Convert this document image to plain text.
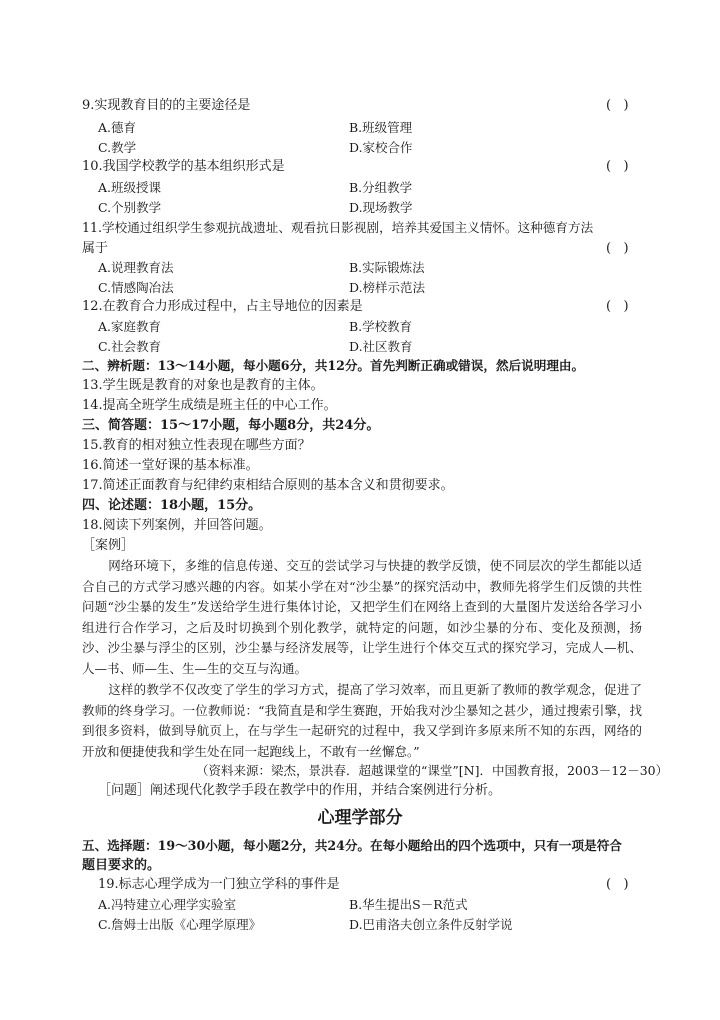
9.实现教育目的的主要途径是	(   )
A.德育	B.班级管理
C.教学	D.家校合作
10.我国学校教学的基本组织形式是	(   )
A.班级授课	B.分组教学
C.个别教学	D.现场教学
11.学校通过组织学生参观抗战遗址、观看抗日影视剧，培养其爱国主义情怀。这种德育方法
属于	(   )
A.说理教育法	B.实际锻炼法
C.情感陶冶法	D.榜样示范法
12.在教育合力形成过程中，占主导地位的因素是	(   )
A.家庭教育	B.学校教育
C.社会教育	D.社区教育
二、辨析题：13～14小题，每小题6分，共12分。首先判断正确或错误，然后说明理由。
13.学生既是教育的对象也是教育的主体。
14.提高全班学生成绩是班主任的中心工作。
三、简答题：15～17小题，每小题8分，共24分。
15.教育的相对独立性表现在哪些方面？
16.简述一堂好课的基本标准。
17.简述正面教育与纪律约束相结合原则的基本含义和贯彻要求。
四、论述题：18小题，15分。
18.阅读下列案例，并回答问题。
［案例］
网络环境下，多维的信息传递、交互的尝试学习与快捷的教学反馈，使不同层次的学生都能以适合自己的方式学习感兴趣的内容。如某小学在对“沙尘暴”的探究活动中，教师先将学生们反馈的共性问题“沙尘暴的发生”发送给学生进行集体讨论，又把学生们在网络上查到的大量图片发送给各学习小组进行合作学习，之后及时切换到个别化教学，就特定的问题，如沙尘暴的分布、变化及预测，扬沙、沙尘暴与浮尘的区别，沙尘暴与经济发展等，让学生进行个体交互式的探究学习，完成人—机、人—书、师—生、生—生的交互与沟通。
这样的教学不仅改变了学生的学习方式，提高了学习效率，而且更新了教师的教学观念，促进了教师的终身学习。一位教师说：“我简直是和学生赛跑，开始我对沙尘暴知之甚少，通过搜索引擎，找到很多资料，做到导航页上，在与学生一起研究的过程中，我又学到许多原来所不知的东西，网络的开放和便捷使我和学生处在同一起跑线上，不敢有一丝懈怠。”
（资料来源：梁杰，景洪春．超越课堂的“课堂”[N]．中国教育报，2003－12－30）
［问题］阐述现代化教学手段在教学中的作用，并结合案例进行分析。
心理学部分
五、选择题：19～30小题，每小题2分，共24分。在每小题给出的四个选项中，只有一项是符合
题目要求的。
19.标志心理学成为一门独立学科的事件是	(   )
A.冯特建立心理学实验室	B.华生提出S－R范式
C.詹姆士出版《心理学原理》	D.巴甫洛夫创立条件反射学说
